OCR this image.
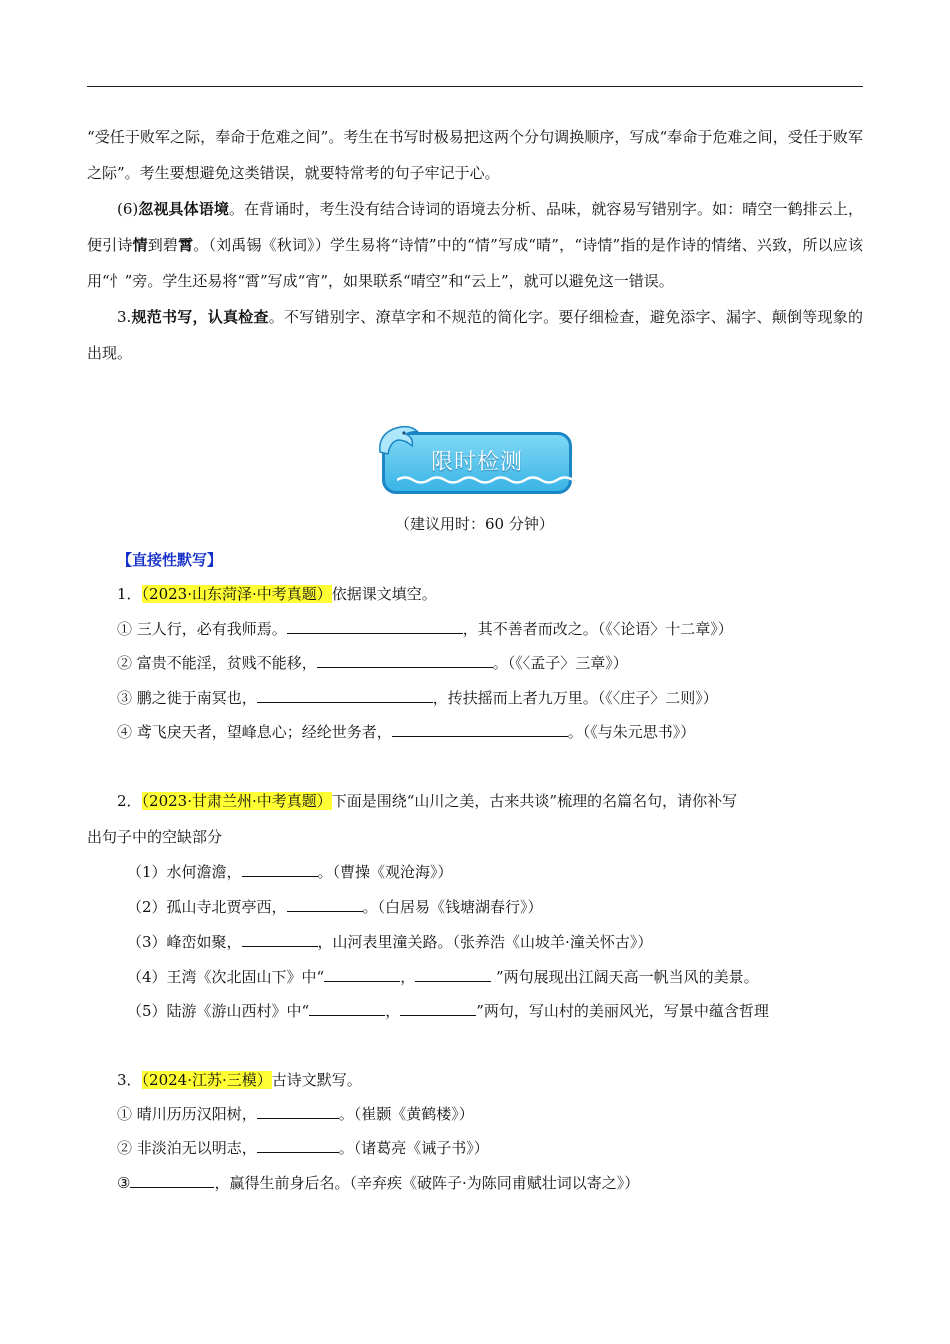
“受任于败军之际，奉命于危难之间”。考生在书写时极易把这两个分句调换顺序，写成“奉命于危难之间，受任于败军之际”。考生要想避免这类错误，就要特常考的句子牢记于心。

(6)忽视具体语境。在背诵时，考生没有结合诗词的语境去分析、品味，就容易写错别字。如：晴空一鹤排云上，便引诗情到碧霄。（刘禹锡《秋词》）学生易将“诗情”中的“情”写成“晴”，“诗情”指的是作诗的情绪、兴致，所以应该用“忄”旁。学生还易将“霄”写成“宵”，如果联系“晴空”和“云上”，就可以避免这一错误。

3.规范书写，认真检查。不写错别字、潦草字和不规范的简化字。要仔细检查，避免添字、漏字、颠倒等现象的出现。

限时检测
（建议用时：60 分钟）
【直接性默写】
1．（2023·山东菏泽·中考真题）依据课文填空。
① 三人行，必有我师焉。	，其不善者而改之。（《〈论语〉十二章》）
② 富贵不能淫，贫贱不能移，	。（《〈孟子〉三章》）
③ 鹏之徙于南冥也，	，抟扶摇而上者九万里。（《〈庄子〉二则》）
④ 鸢飞戾天者，望峰息心；经纶世务者，	。（《与朱元思书》）
2．（2023·甘肃兰州·中考真题）下面是围绕“山川之美，古来共谈”梳理的名篇名句，请你补写
出句子中的空缺部分
（1）水何澹澹，	。（曹操《观沧海》）
（2）孤山寺北贾亭西，	。（白居易《钱塘湖春行》）
（3）峰峦如聚，	，山河表里潼关路。（张养浩《山坡羊·潼关怀古》）
（4）王湾《次北固山下》中“	，	”两句展现出江阔天高一帆当风的美景。
（5）陆游《游山西村》中“	，	”两句，写山村的美丽风光，写景中蕴含哲理
3．（2024·江苏·三模）古诗文默写。
① 晴川历历汉阳树，	。（崔颢《黄鹤楼》）
② 非淡泊无以明志，	。（诸葛亮《诫子书》）
③	，赢得生前身后名。（辛弃疾《破阵子·为陈同甫赋壮词以寄之》）
